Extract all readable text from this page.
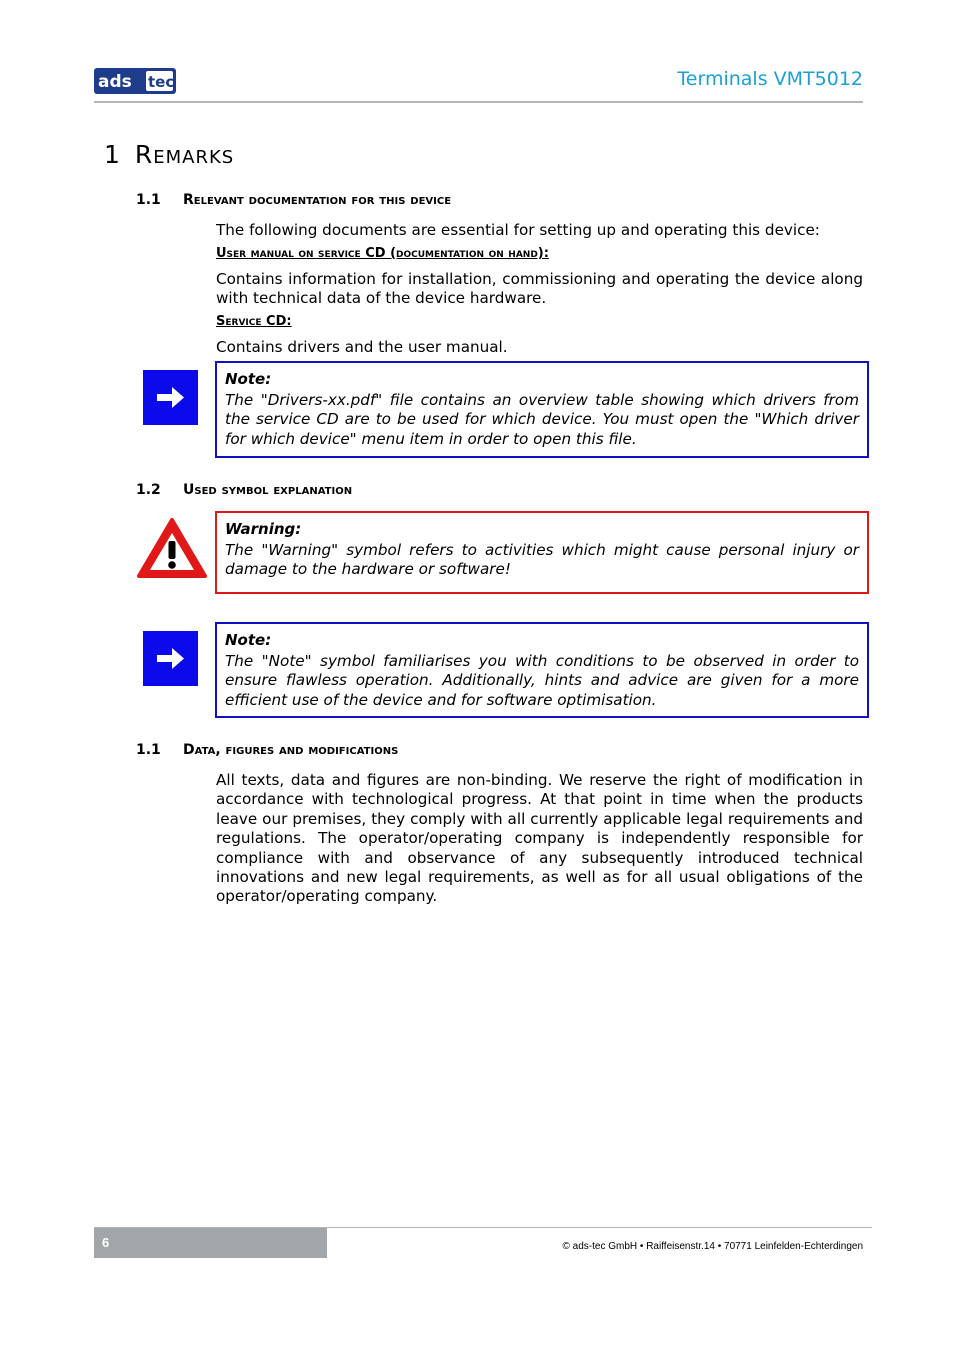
ads tec	Terminals VMT5012
1 Remarks
1.1 Relevant documentation for this device
The following documents are essential for setting up and operating this device:
User manual on service CD (documentation on hand):
Contains information for installation, commissioning and operating the device along with technical data of the device hardware.
Service CD:
Contains drivers and the user manual.
Note:
The "Drivers-xx.pdf" file contains an overview table showing which drivers from the service CD are to be used for which device. You must open the "Which driver for which device" menu item in order to open this file.
1.2 Used symbol explanation
Warning:
The "Warning" symbol refers to activities which might cause personal injury or damage to the hardware or software!
Note:
The "Note" symbol familiarises you with conditions to be observed in order to ensure flawless operation. Additionally, hints and advice are given for a more efficient use of the device and for software optimisation.
1.1 Data, figures and modifications
All texts, data and figures are non-binding. We reserve the right of modification in accordance with technological progress. At that point in time when the products leave our premises, they comply with all currently applicable legal requirements and regulations. The operator/operating company is independently responsible for compliance with and observance of any subsequently introduced technical innovations and new legal requirements, as well as for all usual obligations of the operator/operating company.
6	© ads-tec GmbH • Raiffeisenstr.14 • 70771 Leinfelden-Echterdingen
